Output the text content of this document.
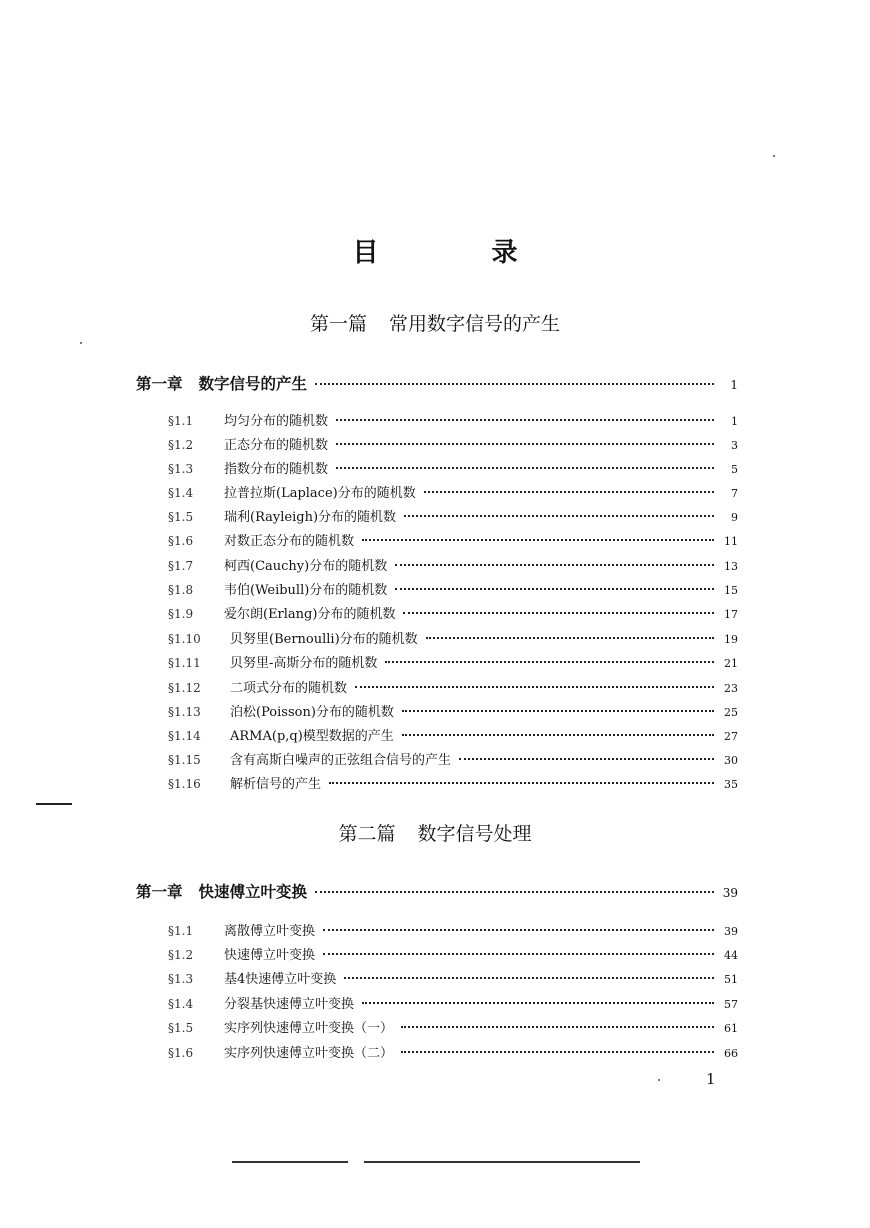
目 录
第一篇 常用数字信号的产生
第一章 数字信号的产生	1
§1.1	均匀分布的随机数	1
§1.2	正态分布的随机数	3
§1.3	指数分布的随机数	5
§1.4	拉普拉斯(Laplace)分布的随机数	7
§1.5	瑞利(Rayleigh)分布的随机数	9
§1.6	对数正态分布的随机数	11
§1.7	柯西(Cauchy)分布的随机数	13
§1.8	韦伯(Weibull)分布的随机数	15
§1.9	爱尔朗(Erlang)分布的随机数	17
§1.10	贝努里(Bernoulli)分布的随机数	19
§1.11	贝努里-高斯分布的随机数	21
§1.12	二项式分布的随机数	23
§1.13	泊松(Poisson)分布的随机数	25
§1.14	ARMA(p,q)模型数据的产生	27
§1.15	含有高斯白噪声的正弦组合信号的产生	30
§1.16	解析信号的产生	35
第二篇 数字信号处理
第一章 快速傅立叶变换	39
§1.1	离散傅立叶变换	39
§1.2	快速傅立叶变换	44
§1.3	基4快速傅立叶变换	51
§1.4	分裂基快速傅立叶变换	57
§1.5	实序列快速傅立叶变换（一）	61
§1.6	实序列快速傅立叶变换（二）	66
1
